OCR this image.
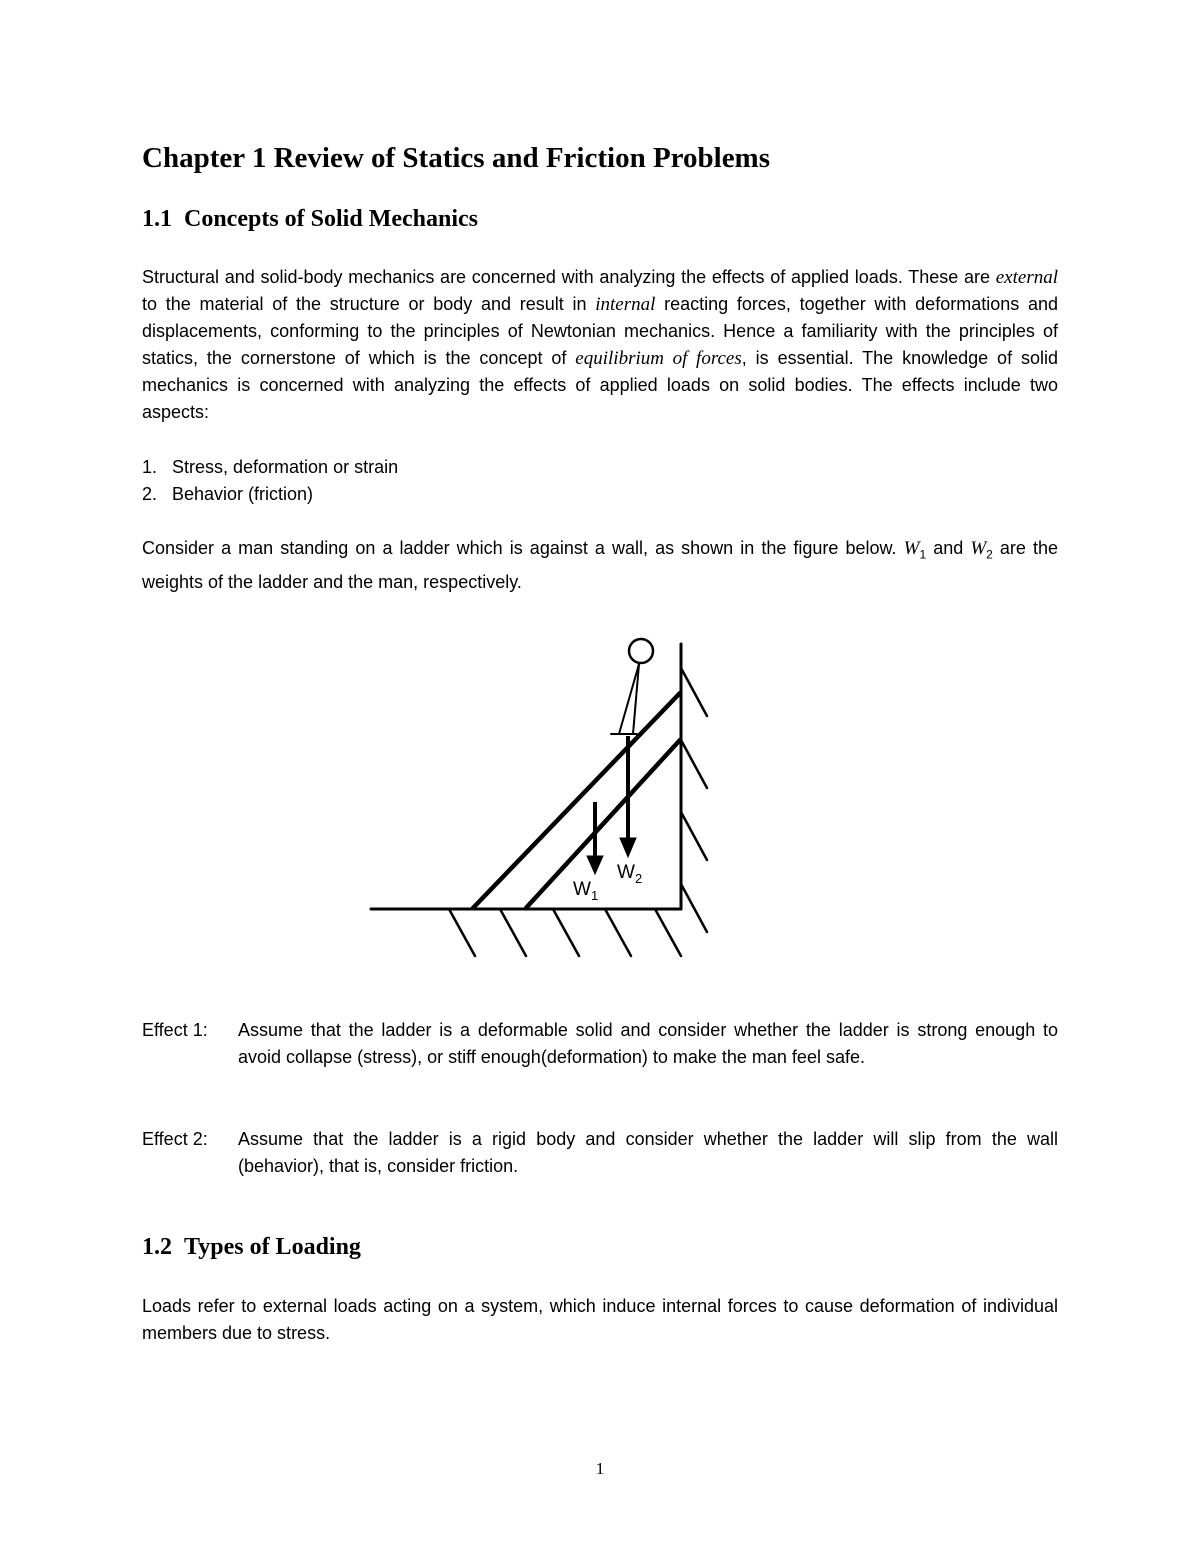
Chapter 1 Review of Statics and Friction Problems
1.1 Concepts of Solid Mechanics

Structural and solid-body mechanics are concerned with analyzing the effects of applied loads. These are external to the material of the structure or body and result in internal reacting forces, together with deformations and displacements, conforming to the principles of Newtonian mechanics. Hence a familiarity with the principles of statics, the cornerstone of which is the concept of equilibrium of forces, is essential. The knowledge of solid mechanics is concerned with analyzing the effects of applied loads on solid bodies. The effects include two aspects:

1. Stress, deformation or strain
2. Behavior (friction)

Consider a man standing on a ladder which is against a wall, as shown in the figure below. $W_1$ and $W_2$ are the weights of the ladder and the man, respectively.

$W_2$
$W_1$
Effect 1: Assume that the ladder is a deformable solid and consider whether the ladder is strong enough to avoid collapse (stress), or stiff enough(deformation) to make the man feel safe.
Effect 2: Assume that the ladder is a rigid body and consider whether the ladder will slip from the wall (behavior), that is, consider friction.
1.2 Types of Loading

Loads refer to external loads acting on a system, which induce internal forces to cause deformation of individual members due to stress.

1
